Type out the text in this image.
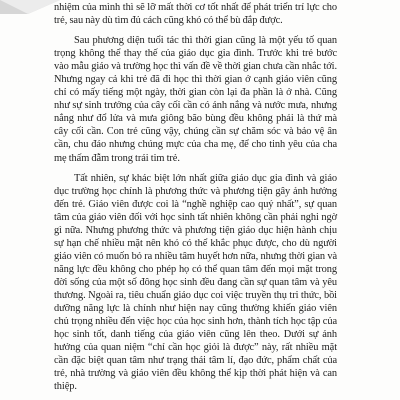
nhiệm của mình thì sẽ lỡ mất thời cơ tốt nhất để phát triển trí lực cho trẻ, sau này dù tìm đủ cách cũng khó có thể bù đắp được.

Sau phương diện tuổi tác thì thời gian cũng là một yếu tố quan trọng không thể thay thế của giáo dục gia đình. Trước khi trẻ bước vào mẫu giáo và trường học thì vấn đề về thời gian chưa cần nhắc tới. Nhưng ngay cả khi trẻ đã đi học thì thời gian ở cạnh giáo viên cũng chỉ có mấy tiếng một ngày, thời gian còn lại đa phần là ở nhà. Cũng như sự sinh trưởng của cây cối cần có ánh nắng và nước mưa, nhưng nắng như đổ lửa và mưa giông bão bùng đều không phải là thứ mà cây cối cần. Con trẻ cũng vậy, chúng cần sự chăm sóc và bảo vệ ân cần, chu đáo nhưng chúng mực của cha mẹ, để cho tinh yêu của cha mẹ thấm đẫm trong trái tim trẻ.

Tất nhiên, sự khác biệt lớn nhất giữa giáo dục gia đình và giáo dục trường học chính là phương thức và phương tiện gây ảnh hưởng đến trẻ. Giáo viên được coi là “nghề nghiệp cao quý nhất”, sự quan tâm của giáo viên đối với học sinh tất nhiên không cần phải nghi ngờ gì nữa. Nhưng phương thức và phương tiện giáo dục hiện hành chịu sự hạn chế nhiều mặt nên khó có thể khắc phục được, cho dù người giáo viên có muốn bỏ ra nhiều tâm huyết hơn nữa, nhưng thời gian và năng lực đều không cho phép họ có thể quan tâm đến mọi mặt trong đời sống của một số đông học sinh đều đang cần sự quan tâm và yêu thương. Ngoài ra, tiêu chuẩn giáo dục coi việc truyền thụ tri thức, bồi dưỡng năng lực là chính như hiện nay cũng thường khiến giáo viên chủ trọng nhiều đến việc học của học sinh hơn, thành tích học tập của học sinh tốt, danh tiếng của giáo viên cũng lên theo. Dưới sự ảnh hưởng của quan niệm “chỉ cần học giỏi là được” này, rất nhiều mặt cần đặc biệt quan tâm như trạng thái tâm lí, đạo đức, phẩm chất của trẻ, nhà trường và giáo viên đều không thể kịp thời phát hiện và can thiệp.
